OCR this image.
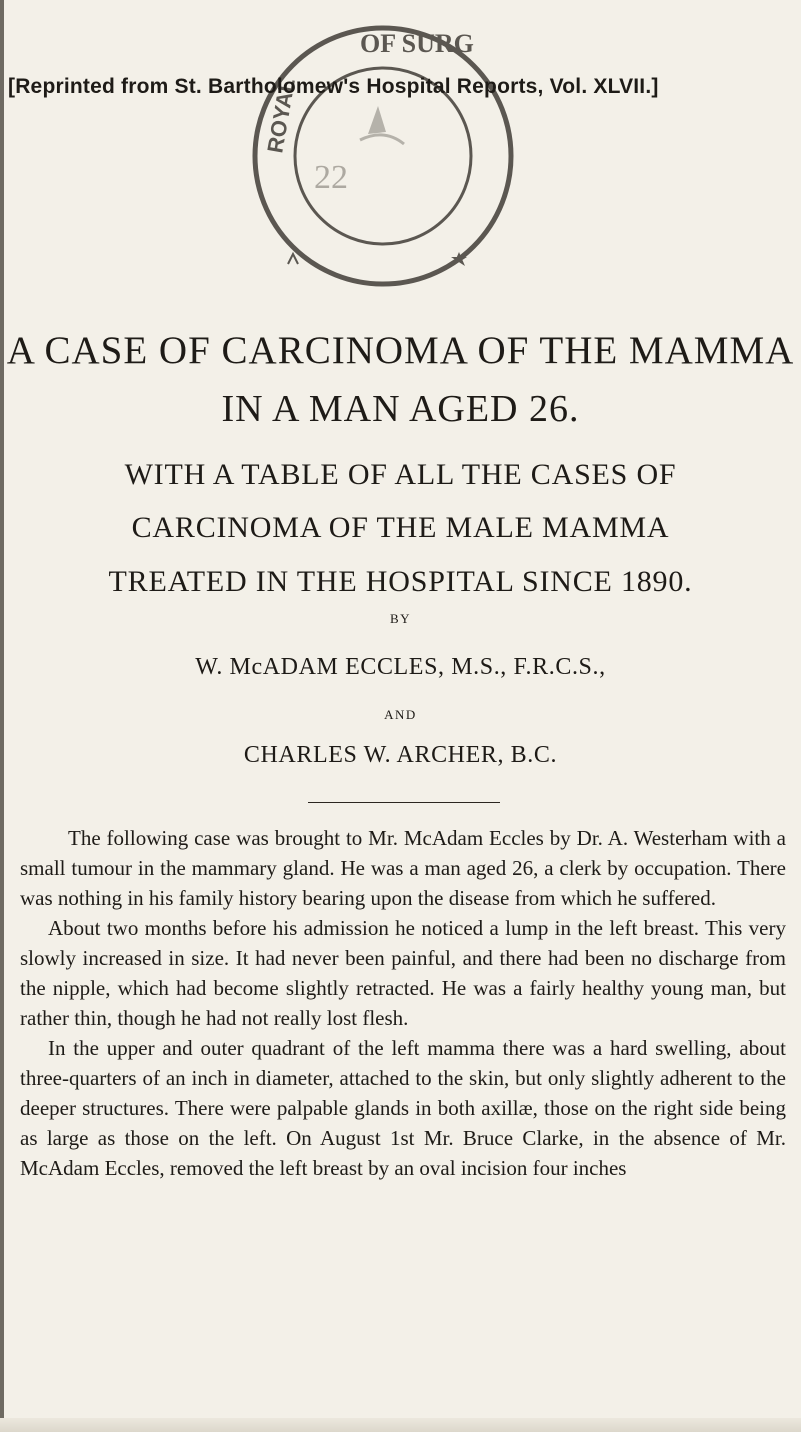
22
ROYAL
OF SURG
[Reprinted from St. Bartholomew's Hospital Reports, Vol. XLVII.]
A CASE OF CARCINOMA OF THE MAMMA
IN A MAN AGED 26.
WITH A TABLE OF ALL THE CASES OF
CARCINOMA OF THE MALE MAMMA
TREATED IN THE HOSPITAL SINCE 1890.
BY
W. McADAM ECCLES, M.S., F.R.C.S.,
AND
CHARLES W. ARCHER, B.C.

The following case was brought to Mr. McAdam Eccles by Dr. A. Westerham with a small tumour in the mammary gland. He was a man aged 26, a clerk by occupation. There was nothing in his family history bearing upon the disease from which he suffered.

About two months before his admission he noticed a lump in the left breast. This very slowly increased in size. It had never been painful, and there had been no discharge from the nipple, which had become slightly retracted. He was a fairly healthy young man, but rather thin, though he had not really lost flesh.

In the upper and outer quadrant of the left mamma there was a hard swelling, about three-quarters of an inch in diameter, attached to the skin, but only slightly adherent to the deeper structures. There were palpable glands in both axillæ, those on the right side being as large as those on the left. On August 1st Mr. Bruce Clarke, in the absence of Mr. McAdam Eccles, removed the left breast by an oval incision four inches
